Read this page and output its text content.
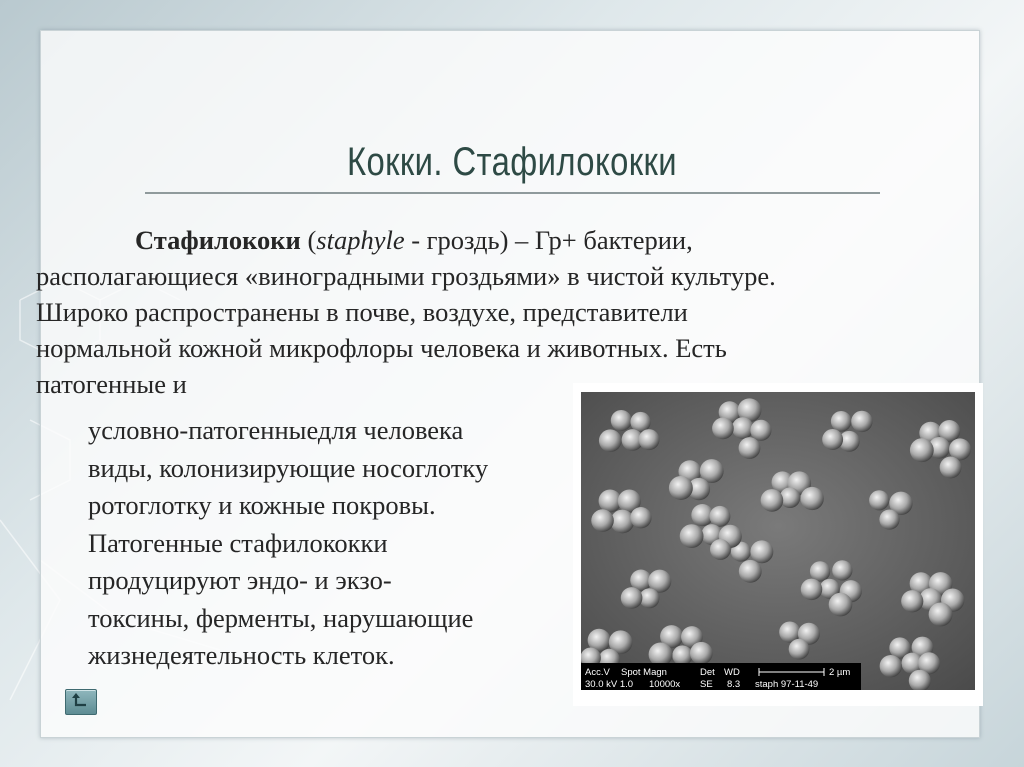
Кокки. Стафилококки
Стафилококи (staphyle - гроздь) – Гр+ бактерии,
располагающиеся «виноградными гроздьями» в чистой культуре.
Широко распространены в почве, воздухе, представители
нормальной кожной микрофлоры человека и животных. Есть
патогенные и
условно-патогенныедля человека
виды, колонизирующие носоглотку
ротоглотку и кожные покровы.
Патогенные стафилококки
продуцируют эндо- и экзо-
токсины, ферменты, нарушающие
жизнедеятельность клеток.
Acc.V Spot Magn	Det WD	2 µm
30.0 kV 1.0 10000x SE 8.3 staph 97-11-49
